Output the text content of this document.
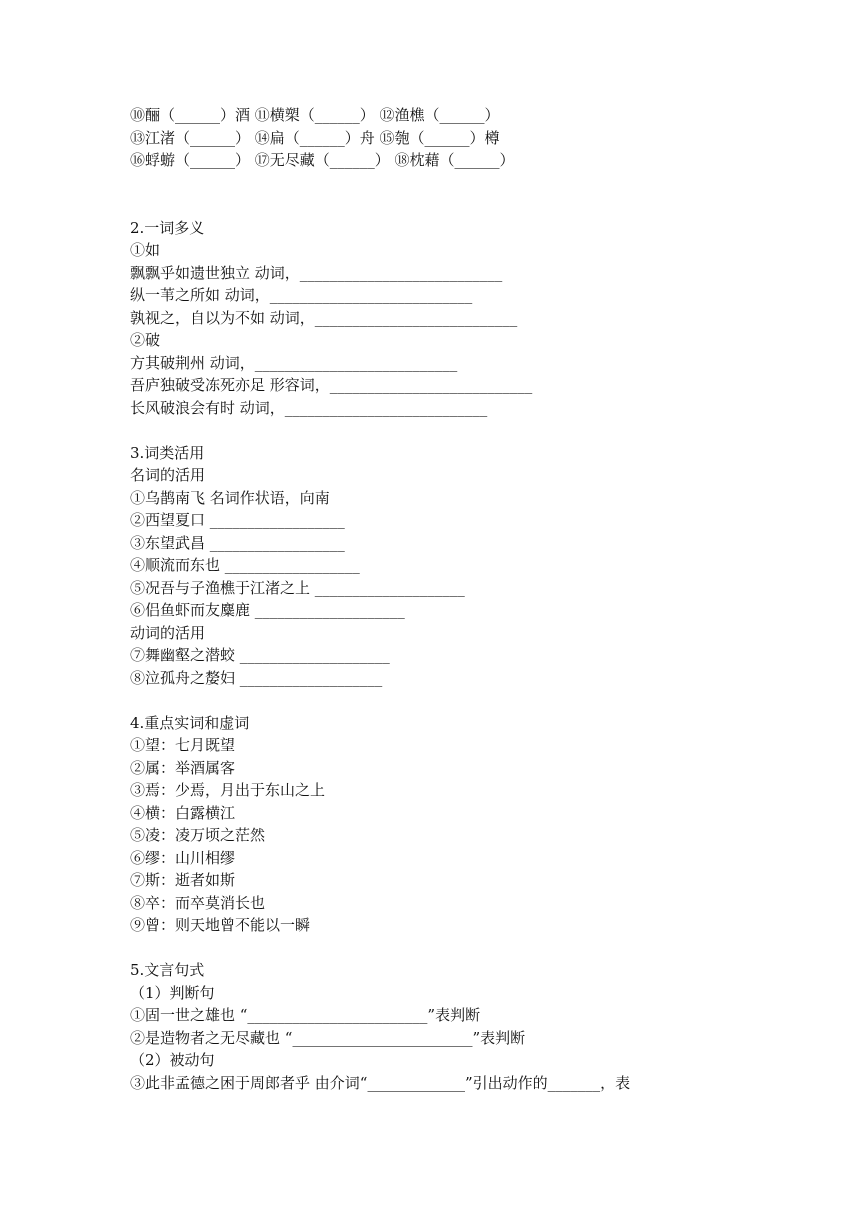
⑩酾（______）酒 ⑪横槊（______） ⑫渔樵（______）
⑬江渚（______） ⑭扁（______）舟 ⑮匏（______）樽
⑯蜉蝣（______） ⑰无尽藏（______） ⑱枕藉（______）
2.一词多义
①如
飘飘乎如遗世独立 动词，___________________________
纵一苇之所如 动词，___________________________
孰视之，自以为不如 动词，___________________________
②破
方其破荆州 动词，___________________________
吾庐独破受冻死亦足 形容词，___________________________
长风破浪会有时 动词，___________________________
3.词类活用
名词的活用
①乌鹊南飞 名词作状语，向南
②西望夏口 __________________
③东望武昌 __________________
④顺流而东也 __________________
⑤况吾与子渔樵于江渚之上 ____________________
⑥侣鱼虾而友麋鹿 ____________________
动词的活用
⑦舞幽壑之潜蛟 ____________________
⑧泣孤舟之嫠妇 ___________________
4.重点实词和虚词
①望：七月既望
②属：举酒属客
③焉：少焉，月出于东山之上
④横：白露横江
⑤凌：凌万顷之茫然
⑥缪：山川相缪
⑦斯：逝者如斯
⑧卒：而卒莫消长也
⑨曾：则天地曾不能以一瞬
5.文言句式
（1）判断句
①固一世之雄也 “________________________”表判断
②是造物者之无尽藏也 “________________________”表判断
（2）被动句
③此非孟德之困于周郎者乎 由介词“_____________”引出动作的_______，表
